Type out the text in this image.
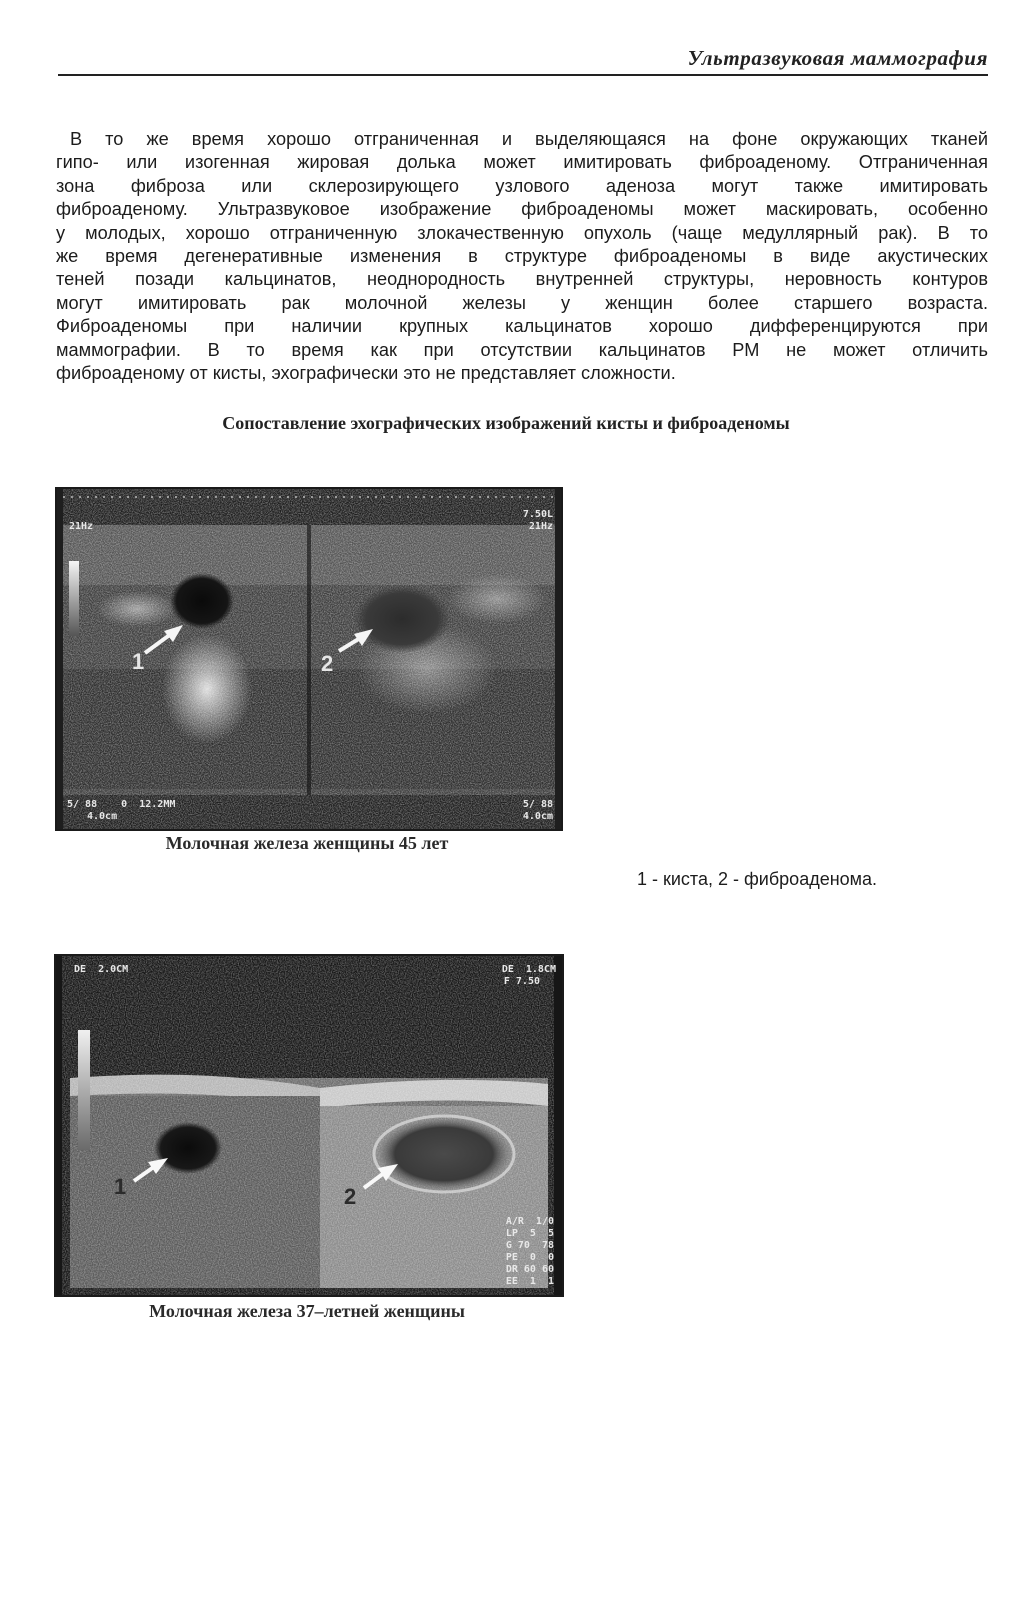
Ультразвуковая маммография

В то же время хорошо отграниченная и выделяющаяся на фоне окружающих тканей
гипо- или изогенная жировая долька может имитировать фиброаденому. Отграниченная
зона фиброза или склерозирующего узлового аденоза могут также имитировать
фиброаденому. Ультразвуковое изображение фиброаденомы может маскировать, особенно
у молодых, хорошо отграниченную злокачественную опухоль (чаще медуллярный рак). В то
же время дегенеративные изменения в структуре фиброаденомы в виде акустических
теней позади кальцинатов, неоднородность внутренней структуры, неровность контуров
могут имитировать рак молочной железы у женщин более старшего возраста.
Фиброаденомы при наличии крупных кальцинатов хорошо дифференцируются при
маммографии. В то время как при отсутствии кальцинатов РМ не может отличить
фиброаденому от кисты, эхографически это не представляет сложности.

Сопоставление эхографических изображений кисты и фиброаденомы
21Hz
7.50L
21Hz
5/ 88    0  12.2MM
4.0cm
5/ 88
4.0cm
1	2
Молочная железа женщины 45 лет
1 - киста, 2 - фиброаденома.
DE  2.0CM	DE  1.8CM
F 7.50
A/R  1/0
LP  5  5
G 70  78
PE  0  0
DR 60 60
EE  1  1
1	2
Молочная железа 37–летней женщины
